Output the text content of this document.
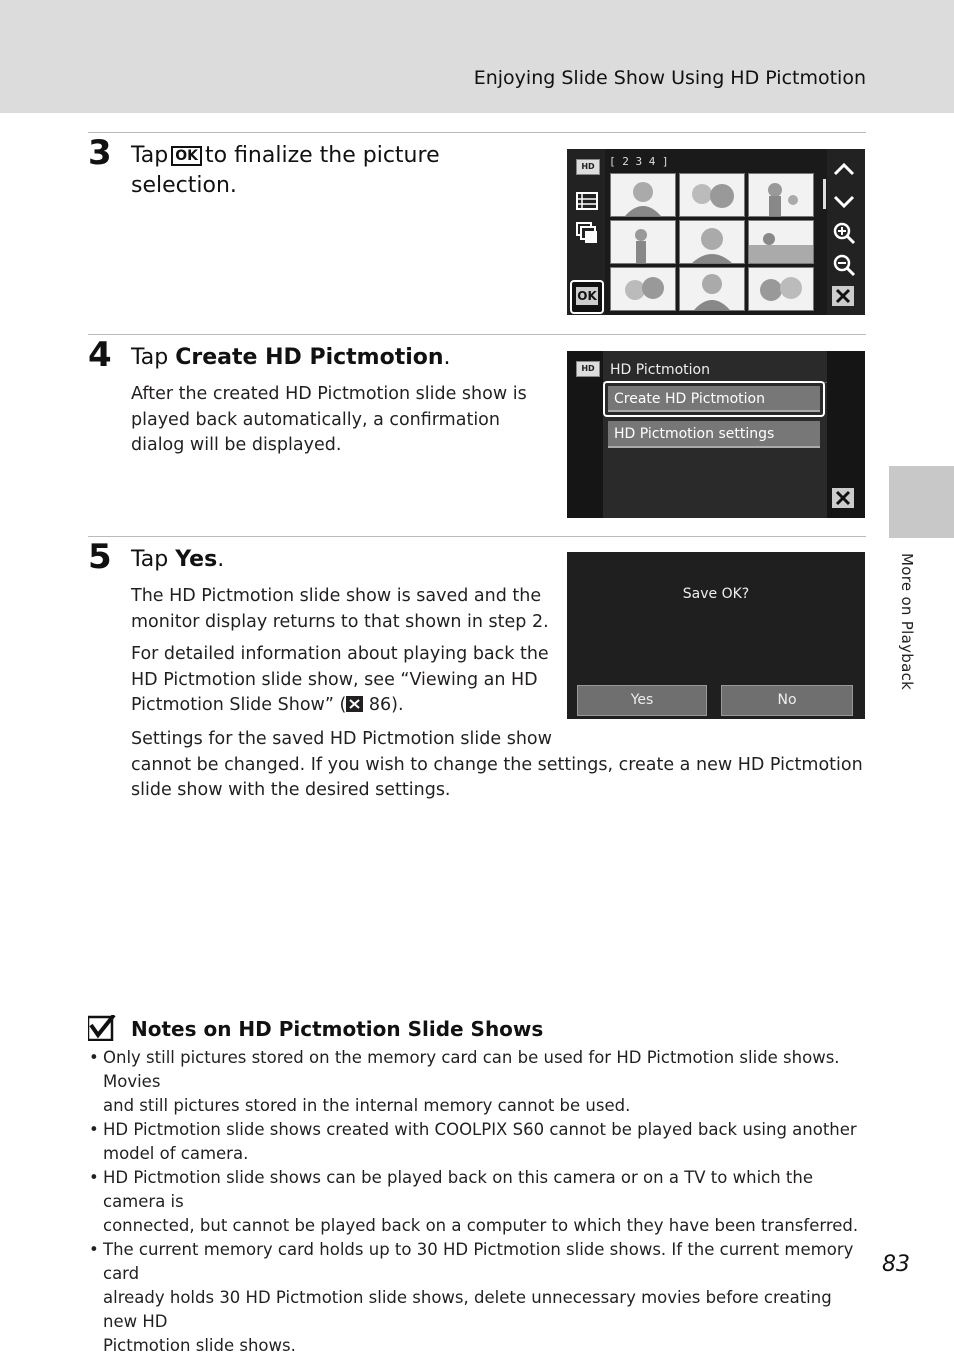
Enjoying Slide Show Using HD Pictmotion
3 Tap OK to finalize the picture
selection.
HD
OK
[ 2 3 4 ]
4 Tap Create HD Pictmotion.
After the created HD Pictmotion slide show is
played back automatically, a confirmation
dialog will be displayed.
HD	HD Pictmotion
Create HD Pictmotion
HD Pictmotion settings
5 Tap Yes.
The HD Pictmotion slide show is saved and the
monitor display returns to that shown in step 2.
For detailed information about playing back the
HD Pictmotion slide show, see “Viewing an HD
Pictmotion Slide Show” ( 86).
Settings for the saved HD Pictmotion slide show
cannot be changed. If you wish to change the settings, create a new HD Pictmotion
slide show with the desired settings.
Save OK?
Yes	No
More on Playback
Notes on HD Pictmotion Slide Shows
• Only still pictures stored on the memory card can be used for HD Pictmotion slide shows. Movies
and still pictures stored in the internal memory cannot be used.
• HD Pictmotion slide shows created with COOLPIX S60 cannot be played back using another
model of camera.
• HD Pictmotion slide shows can be played back on this camera or on a TV to which the camera is
connected, but cannot be played back on a computer to which they have been transferred.
• The current memory card holds up to 30 HD Pictmotion slide shows. If the current memory card
already holds 30 HD Pictmotion slide shows, delete unnecessary movies before creating new HD
Pictmotion slide shows.
83
